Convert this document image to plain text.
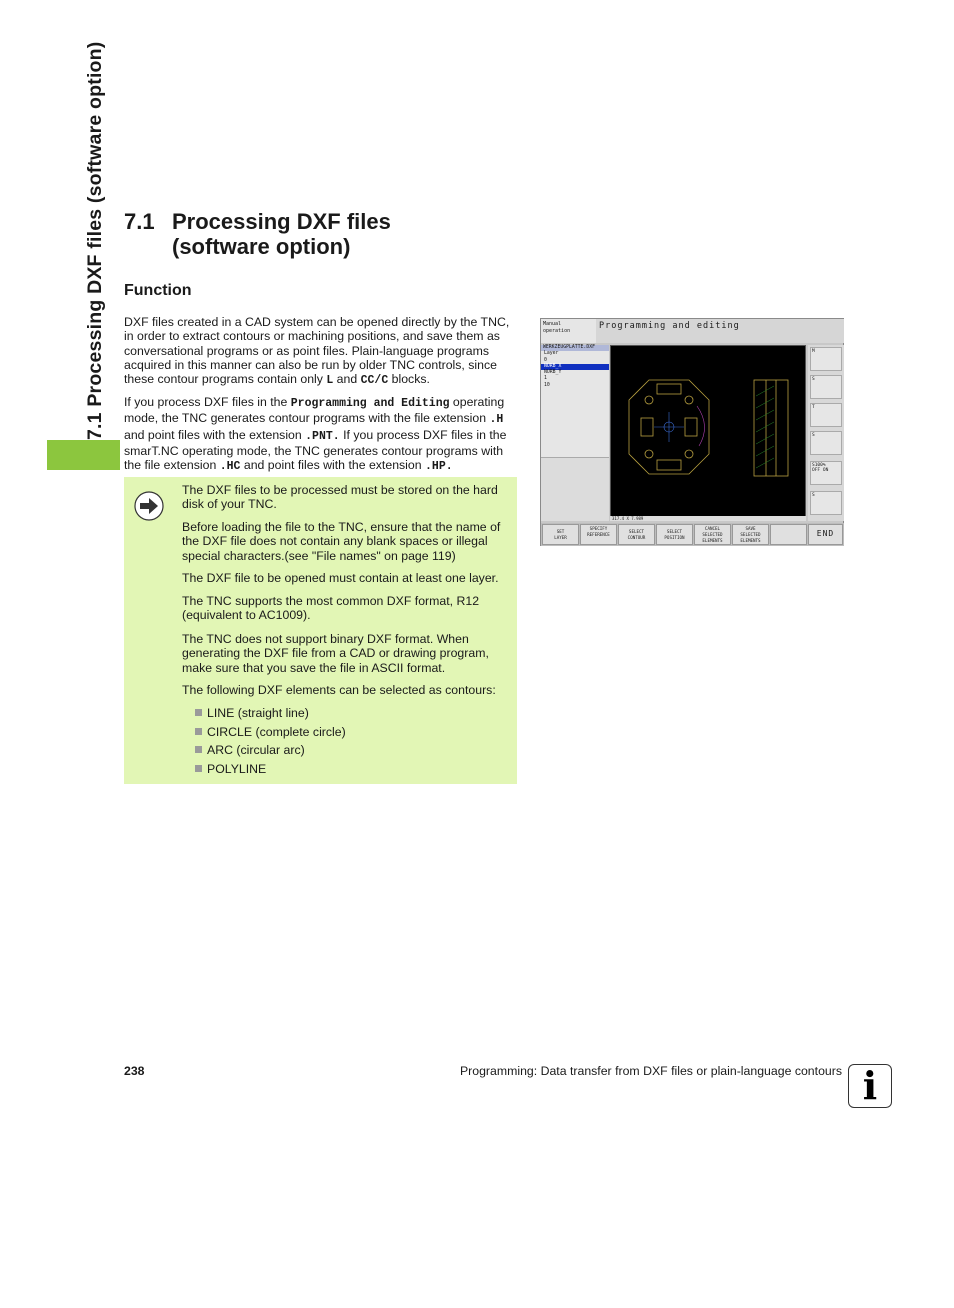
7.1 Processing DXF files (software option) 7.1 Processing DXF files
(software option)
Function

DXF files created in a CAD system can be opened directly by the TNC, in order to extract contours or machining positions, and save them as conversational programs or as point files. Plain-language programs acquired in this manner can also be run by older TNC controls, since these contour programs contain only L and CC/C blocks.

If you process DXF files in the Programming and Editing operating mode, the TNC generates contour programs with the file extension .H and point files with the extension .PNT. If you process DXF files in the smarT.NC operating mode, the TNC generates contour programs with the file extension .HC and point files with the extension .HP.

The DXF files to be processed must be stored on the hard disk of your TNC.

Before loading the file to the TNC, ensure that the name of the DXF file does not contain any blank spaces or illegal special characters.(see "File names" on page 119)

The DXF file to be opened must contain at least one layer.

The TNC supports the most common DXF format, R12 (equivalent to AC1009).

The TNC does not support binary DXF format. When generating the DXF file from a CAD or drawing program, make sure that you save the file in ASCII format.

The following DXF elements can be selected as contours:

LINE (straight line)
CIRCLE (complete circle)
ARC (circular arc)
POLYLINE
Manual
operation	Programming and editing
WERKZEUGPLATTE.DXF
Layer
0
NURB_X
NURB_Y
1
10
317.4 X 7.989
M
S
T
S
S100%
OFF ON
S
SET
LAYER
SPECIFY
REFERENCE
SELECT
CONTOUR
SELECT
POSITION
CANCEL
SELECTED
ELEMENTS
SAVE
SELECTED
ELEMENTS
END
238	Programming: Data transfer from DXF files or plain-language contours i
